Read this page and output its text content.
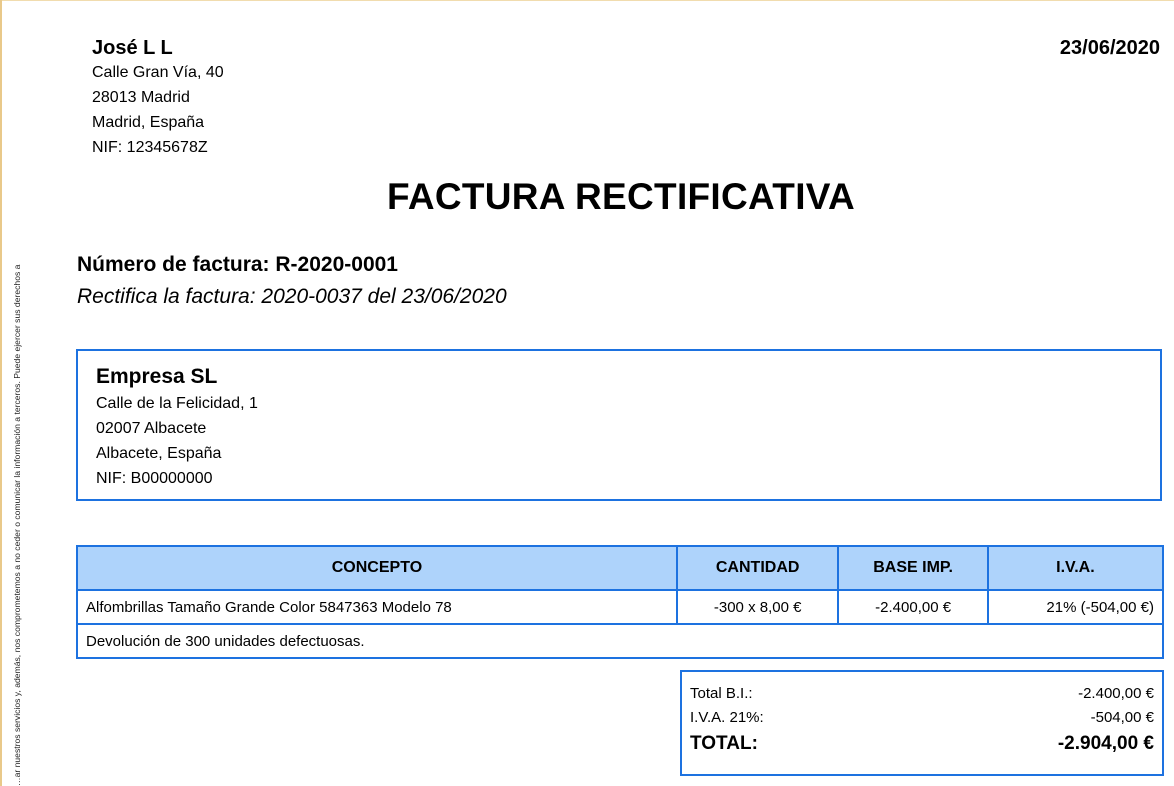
…ar nuestros servicios y, además, nos comprometemos a no ceder o comunicar la información a terceros. Puede ejercer sus derechos a
José L L
Calle Gran Vía, 40
28013 Madrid
Madrid, España
NIF: 12345678Z
23/06/2020
FACTURA RECTIFICATIVA
Número de factura: R-2020-0001
Rectifica la factura: 2020-0037 del 23/06/2020
Empresa SL
Calle de la Felicidad, 1
02007 Albacete
Albacete, España
NIF: B00000000
CONCEPTO	CANTIDAD	BASE IMP.	I.V.A.
Alfombrillas Tamaño Grande Color 5847363 Modelo 78	-300 x 8,00 €	-2.400,00 €	21% (-504,00 €)
Devolución de 300 unidades defectuosas.			
Total B.I.:	-2.400,00 €
I.V.A. 21%:	-504,00 €
TOTAL:	-2.904,00 €
